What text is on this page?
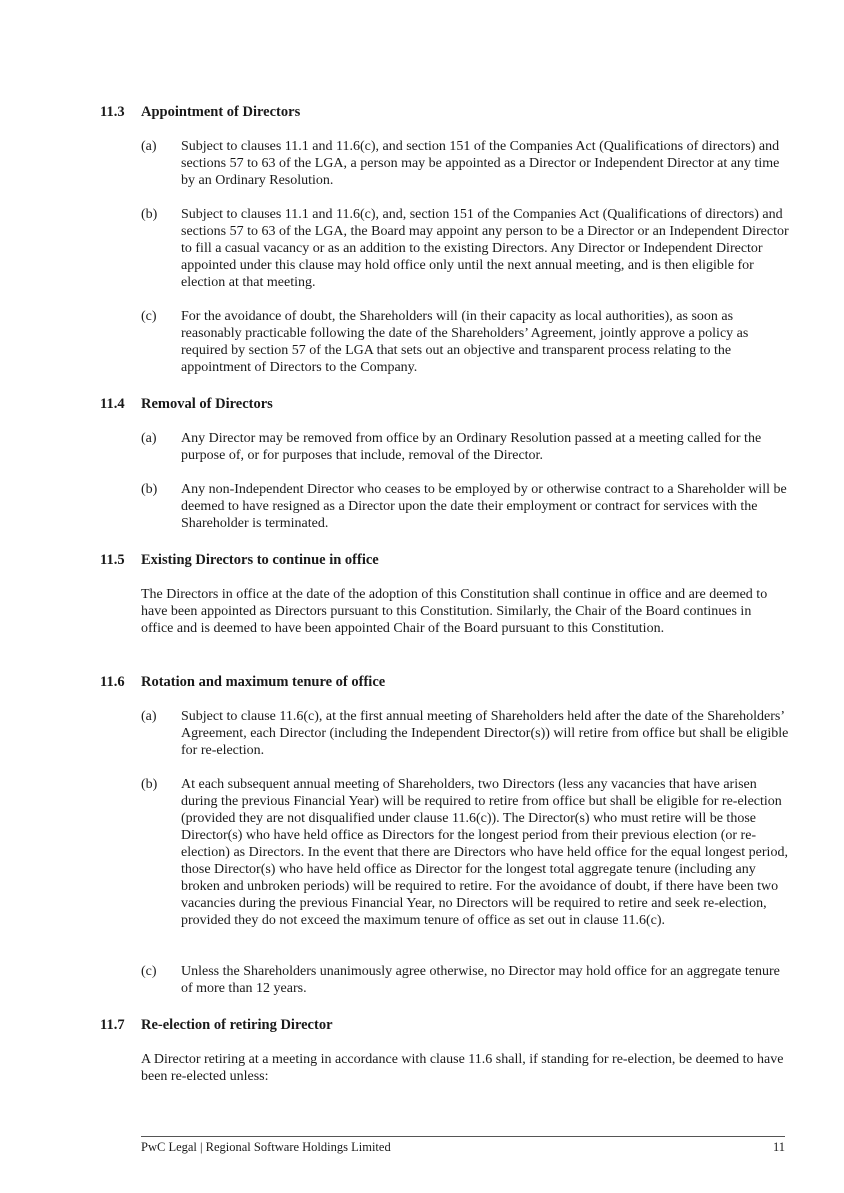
11.3 Appointment of Directors
(a) Subject to clauses 11.1 and 11.6(c), and section 151 of the Companies Act (Qualifications of directors) and sections 57 to 63 of the LGA, a person may be appointed as a Director or Independent Director at any time by an Ordinary Resolution.
(b) Subject to clauses 11.1 and 11.6(c), and, section 151 of the Companies Act (Qualifications of directors) and sections 57 to 63 of the LGA, the Board may appoint any person to be a Director or an Independent Director to fill a casual vacancy or as an addition to the existing Directors. Any Director or Independent Director appointed under this clause may hold office only until the next annual meeting, and is then eligible for election at that meeting.
(c) For the avoidance of doubt, the Shareholders will (in their capacity as local authorities), as soon as reasonably practicable following the date of the Shareholders’ Agreement, jointly approve a policy as required by section 57 of the LGA that sets out an objective and transparent process relating to the appointment of Directors to the Company.
11.4 Removal of Directors
(a) Any Director may be removed from office by an Ordinary Resolution passed at a meeting called for the purpose of, or for purposes that include, removal of the Director.
(b) Any non-Independent Director who ceases to be employed by or otherwise contract to a Shareholder will be deemed to have resigned as a Director upon the date their employment or contract for services with the Shareholder is terminated.
11.5 Existing Directors to continue in office
The Directors in office at the date of the adoption of this Constitution shall continue in office and are deemed to have been appointed as Directors pursuant to this Constitution. Similarly, the Chair of the Board continues in office and is deemed to have been appointed Chair of the Board pursuant to this Constitution.
11.6 Rotation and maximum tenure of office
(a) Subject to clause 11.6(c), at the first annual meeting of Shareholders held after the date of the Shareholders’ Agreement, each Director (including the Independent Director(s)) will retire from office but shall be eligible for re-election.
(b) At each subsequent annual meeting of Shareholders, two Directors (less any vacancies that have arisen during the previous Financial Year) will be required to retire from office but shall be eligible for re-election (provided they are not disqualified under clause 11.6(c)). The Director(s) who must retire will be those Director(s) who have held office as Directors for the longest period from their previous election (or re-election) as Directors. In the event that there are Directors who have held office for the equal longest period, those Director(s) who have held office as Director for the longest total aggregate tenure (including any broken and unbroken periods) will be required to retire. For the avoidance of doubt, if there have been two vacancies during the previous Financial Year, no Directors will be required to retire and seek re-election, provided they do not exceed the maximum tenure of office as set out in clause 11.6(c).
(c) Unless the Shareholders unanimously agree otherwise, no Director may hold office for an aggregate tenure of more than 12 years.
11.7 Re-election of retiring Director
A Director retiring at a meeting in accordance with clause 11.6 shall, if standing for re-election, be deemed to have been re-elected unless:
PwC Legal | Regional Software Holdings Limited	11
